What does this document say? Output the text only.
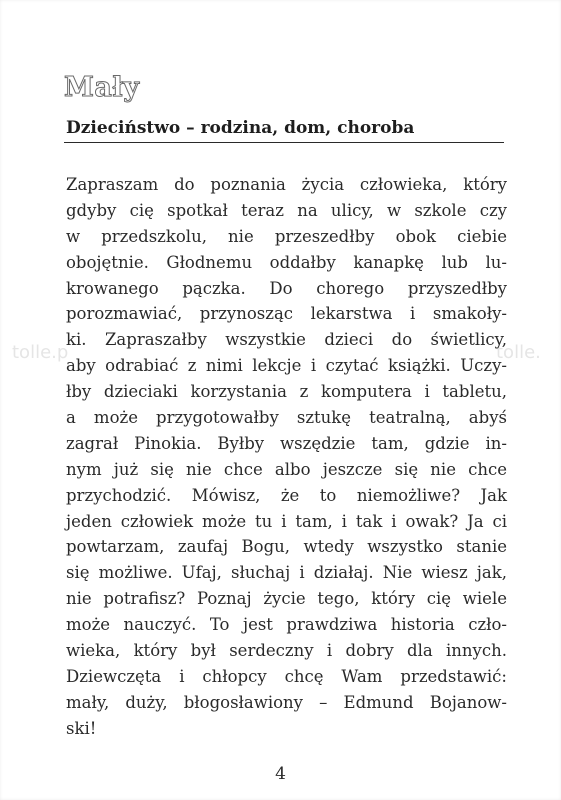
tolle.p	tolle.
Mały
Dzieciństwo – rodzina, dom, choroba
Zapraszam do poznania życia człowieka, który
gdyby cię spotkał teraz na ulicy, w szkole czy
w przedszkolu, nie przeszedłby obok ciebie
obojętnie. Głodnemu oddałby kanapkę lub lu-
krowanego pączka. Do chorego przyszedłby
porozmawiać, przynosząc lekarstwa i smakoły-
ki. Zapraszałby wszystkie dzieci do świetlicy,
aby odrabiać z nimi lekcje i czytać książki. Uczy-
łby dzieciaki korzystania z komputera i tabletu,
a może przygotowałby sztukę teatralną, abyś
zagrał Pinokia. Byłby wszędzie tam, gdzie in-
nym już się nie chce albo jeszcze się nie chce
przychodzić. Mówisz, że to niemożliwe? Jak
jeden człowiek może tu i tam, i tak i owak? Ja ci
powtarzam, zaufaj Bogu, wtedy wszystko stanie
się możliwe. Ufaj, słuchaj i działaj. Nie wiesz jak,
nie potrafisz? Poznaj życie tego, który cię wiele
może nauczyć. To jest prawdziwa historia czło-
wieka, który był serdeczny i dobry dla innych.
Dziewczęta i chłopcy chcę Wam przedstawić:
mały, duży, błogosławiony – Edmund Bojanow-
ski!
4
